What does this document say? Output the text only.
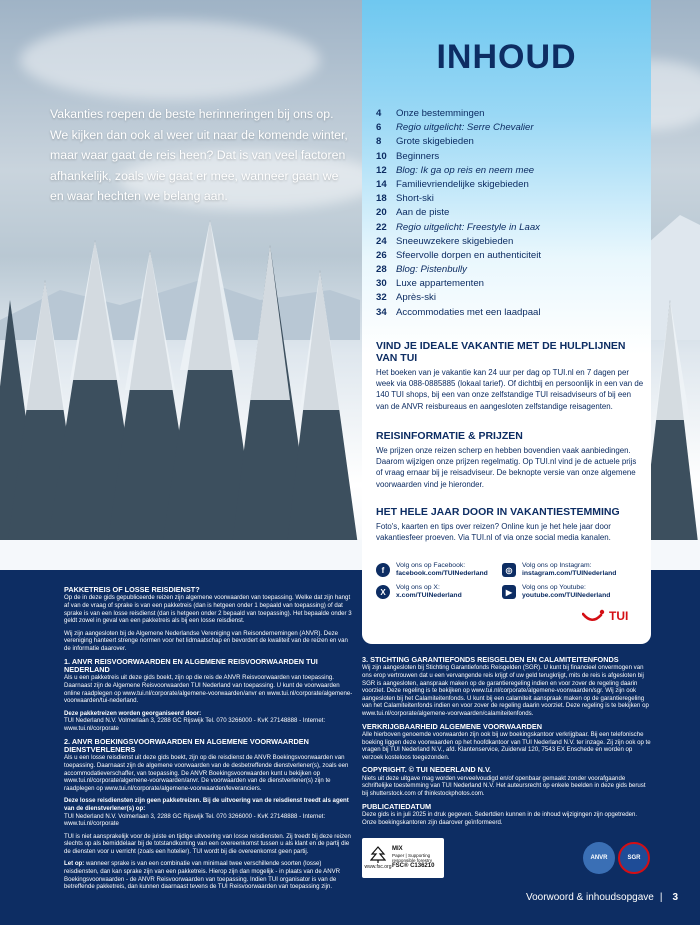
Vakanties roepen de beste herinneringen bij ons op. We kijken dan ook al weer uit naar de komende winter, maar waar gaat de reis heen? Dat is van veel factoren afhankelijk, zoals wie gaat er mee, wanneer gaan we en waar hechten we belang aan.

INHOUD
4 Onze bestemmingen
6 Regio uitgelicht: Serre Chevalier
8 Grote skigebieden
10 Beginners
12 Blog: Ik ga op reis en neem mee
14 Familievriendelijke skigebieden
18 Short-ski
20 Aan de piste
22 Regio uitgelicht: Freestyle in Laax
24 Sneeuwzekere skigebieden
26 Sfeervolle dorpen en authenticiteit
28 Blog: Pistenbully
30 Luxe appartementen
32 Après-ski
34 Accommodaties met een laadpaal
VIND JE IDEALE VAKANTIE MET DE HULPLIJNEN VAN TUI

Het boeken van je vakantie kan 24 uur per dag op TUI.nl en 7 dagen per week via 088-0885885 (lokaal tarief). Of dichtbij en persoonlijk in een van de 140 TUI shops, bij een van onze zelfstandige TUI reisadviseurs of bij een van de ANVR reisbureaus en aangesloten zelfstandige reisagenten.

REISINFORMATIE & PRIJZEN

We prijzen onze reizen scherp en hebben bovendien vaak aanbiedingen. Daarom wijzigen onze prijzen regelmatig. Op TUI.nl vind je de actuele prijs of vraag ernaar bij je reisadviseur. De beknopte versie van onze algemene voorwaarden vind je hieronder.

HET HELE JAAR DOOR IN VAKANTIESTEMMING

Foto's, kaarten en tips over reizen? Online kun je het hele jaar door vakantiesfeer proeven. Via TUI.nl of via onze social media kanalen.

f	Volg ons op Facebook:
facebook.com/TUINederland	◎	Volg ons op Instagram:
instagram.com/TUINederland
X	Volg ons op X:
x.com/TUINederland	▶	Volg ons op Youtube:
youtube.com/TUINederland
TUI
PAKKETREIS OF LOSSE REISDIENST?

Op de in deze gids gepubliceerde reizen zijn algemene voorwaarden van toepassing. Welke dat zijn hangt af van de vraag of sprake is van een pakketreis (dan is hetgeen onder 1 bepaald van toepassing) of dat sprake is van een losse reisdienst (dan is hetgeen onder 2 bepaald van toepassing). Het bepaalde onder 3 geldt zowel in geval van een pakketreis als bij een losse reisdienst.

Wij zijn aangesloten bij de Algemene Nederlandse Vereniging van Reisondernemingen (ANVR). Deze vereniging hanteert strenge normen voor het lidmaatschap en bevordert de kwaliteit van de reizen en van de informatie daarover.

1. ANVR REISVOORWAARDEN EN ALGEMENE REISVOORWAARDEN TUI NEDERLAND

Als u een pakketreis uit deze gids boekt, zijn op die reis de ANVR Reisvoorwaarden van toepassing. Daarnaast zijn de Algemene Reisvoorwaarden TUI Nederland van toepassing. U kunt de voorwaarden online raadplegen op www.tui.nl/corporate/algemene-voorwaarden/anvr en www.tui.nl/corporate/algemene-voorwaarden/tui-nederland.

Deze pakketreizen worden georganiseerd door:

TUI Nederland N.V. Volmerlaan 3, 2288 GC Rijswijk Tel. 070 3266000 - KvK 27148888 - Internet: www.tui.nl/corporate

2. ANVR BOEKINGSVOORWAARDEN EN ALGEMENE VOORWAARDEN DIENSTVERLENERS

Als u een losse reisdienst uit deze gids boekt, zijn op die reisdienst de ANVR Boekingsvoorwaarden van toepassing. Daarnaast zijn de algemene voorwaarden van de desbetreffende dienstverlener(s), zoals een accommodatieverschaffer, van toepassing. De ANVR Boekingsvoorwaarden kunt u bekijken op www.tui.nl/corporate/algemene-voorwaarden/anvr. De voorwaarden van de dienstverlener(s) zijn te raadplegen op www.tui.nl/corporate/algemene-voorwaarden/leveranciers.

Deze losse reisdiensten zijn geen pakketreizen. Bij de uitvoering van de reisdienst treedt als agent van de dienstverlener(s) op:

TUI Nederland N.V. Volmerlaan 3, 2288 GC Rijswijk Tel. 070 3266000 - KvK 27148888 - Internet: www.tui.nl/corporate

TUI is niet aansprakelijk voor de juiste en tijdige uitvoering van losse reisdiensten. Zij treedt bij deze reizen slechts op als bemiddelaar bij de totstandkoming van een overeenkomst tussen u als klant en de partij die de diensten voor u verricht (zoals een hotelier). TUI wordt bij die overeenkomst geen partij.

Let op: wanneer sprake is van een combinatie van minimaal twee verschillende soorten (losse) reisdiensten, dan kan sprake zijn van een pakketreis. Hierop zijn dan mogelijk - in plaats van de ANVR Boekingsvoorwaarden - de ANVR Reisvoorwaarden van toepassing. Indien TUI organisator is van de betreffende pakketreis, dan kunnen daarnaast tevens de TUI Reisvoorwaarden van toepassing zijn.

3. STICHTING GARANTIEFONDS REISGELDEN EN CALAMITEITENFONDS

Wij zijn aangesloten bij Stichting Garantiefonds Reisgelden (SGR). U kunt bij financieel onvermogen van ons erop vertrouwen dat u een vervangende reis krijgt of uw geld terugkrijgt, mits de reis is afgesloten bij SGR is aangesloten, aanspraak maken op de garantieregeling indien en voor zover de regeling daarin voorziet. Deze regeling is te bekijken op www.tui.nl/corporate/algemene-voorwaarden/sgr. Wij zijn ook aangesloten bij het Calamiteitenfonds. U kunt bij een calamiteit aanspraak maken op de garantieregeling van het Calamiteitenfonds indien en voor zover de regeling daarin voorziet. Deze regeling is te bekijken op www.tui.nl/corporate/algemene-voorwaarden/calamiteitenfonds.

VERKRIJGBAARHEID ALGEMENE VOORWAARDEN

Alle hierboven genoemde voorwaarden zijn ook bij uw boekingskantoor verkrijgbaar. Bij een telefonische boeking liggen deze voorwaarden op het hoofdkantoor van TUI Nederland N.V. ter inzage. Zij zijn ook op te vragen bij TUI Nederland N.V., afd. Klantenservice, Zuiderval 120, 7543 EX Enschede en worden op verzoek kosteloos toegezonden.

COPYRIGHT. © TUI NEDERLAND N.V.

Niets uit deze uitgave mag worden verveelvoudigd en/of openbaar gemaakt zonder voorafgaande schriftelijke toestemming van TUI Nederland N.V. Het auteursrecht op enkele beelden in deze gids berust bij shutterstock.com of thinkstockphotos.com.

PUBLICATIEDATUM

Deze gids is in juli 2025 in druk gegeven. Sedertdien kunnen in de inhoud wijzigingen zijn opgetreden. Onze boekingskantoren zijn daarover geïnformeerd.

www.fsc.org
MIX
Paper | Supporting
responsible forestry
FSC® C136210
ANVR	SGR
Voorwoord & inhoudsopgave | 3
